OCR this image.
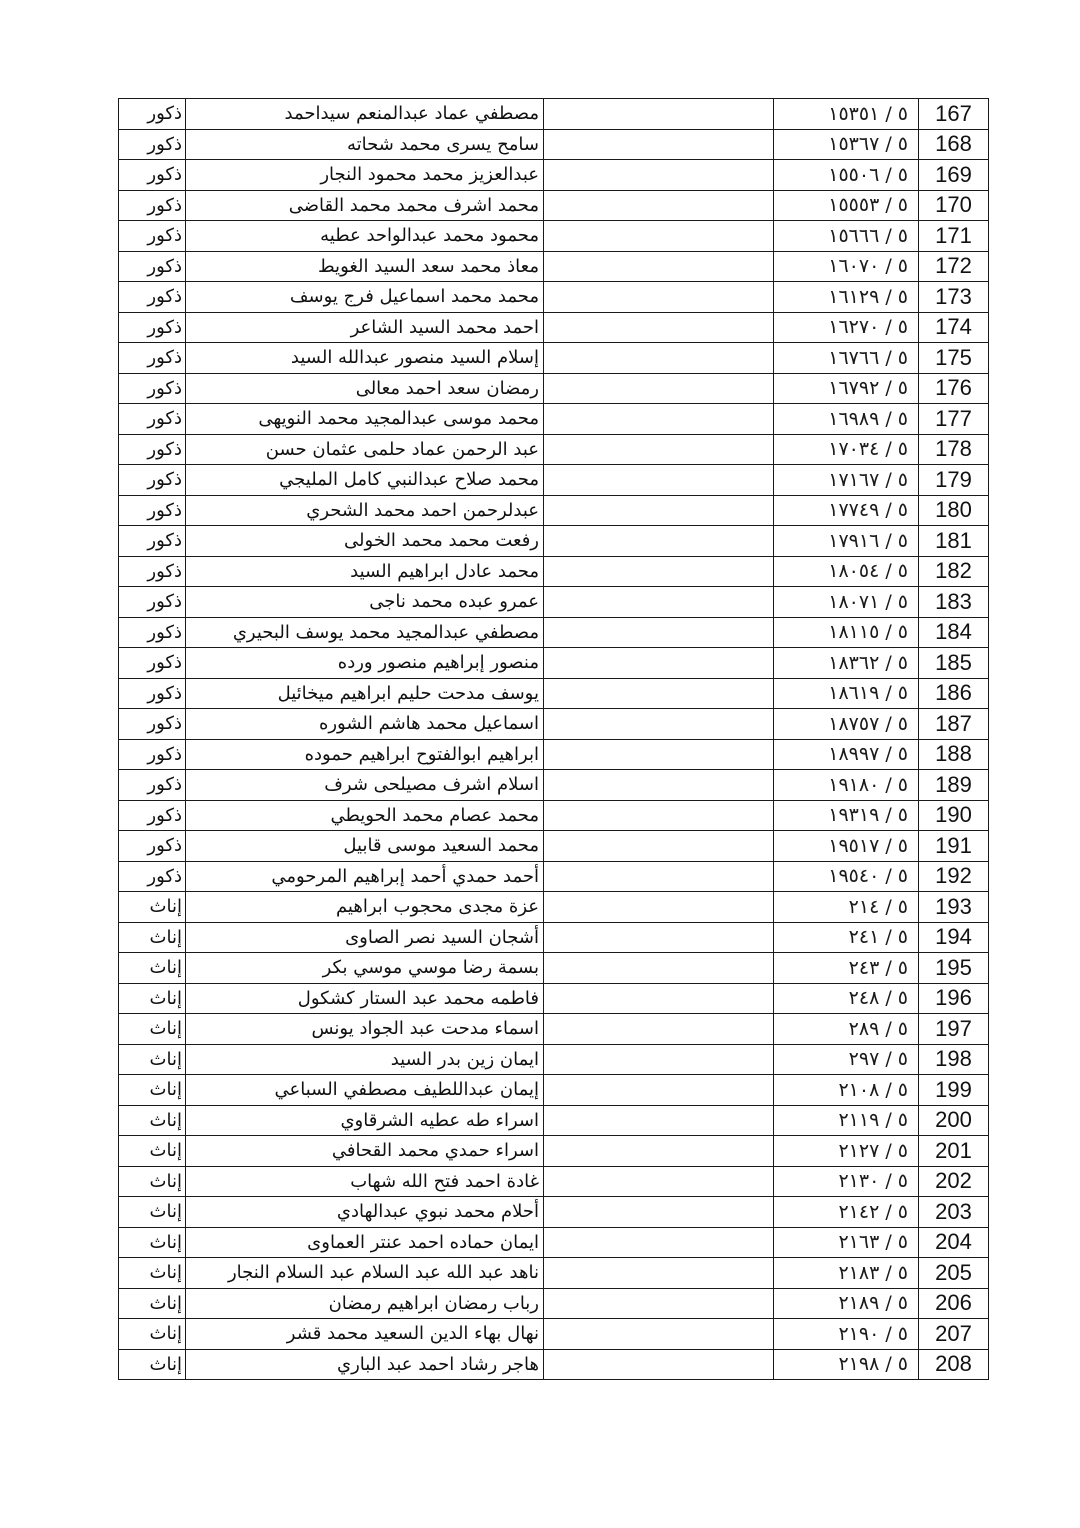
167	٥ / ١٥٣٥١		مصطفي عماد عبدالمنعم سيداحمد	ذكور
168	٥ / ١٥٣٦٧		سامح يسرى محمد شحاته	ذكور
169	٥ / ١٥٥٠٦		عبدالعزيز محمد محمود النجار	ذكور
170	٥ / ١٥٥٥٣		محمد اشرف محمد محمد القاضى	ذكور
171	٥ / ١٥٦٦٦		محمود محمد عبدالواحد عطيه	ذكور
172	٥ / ١٦٠٧٠		معاذ محمد سعد السيد الغويط	ذكور
173	٥ / ١٦١٢٩		محمد محمد اسماعيل فرج يوسف	ذكور
174	٥ / ١٦٢٧٠		احمد محمد السيد الشاعر	ذكور
175	٥ / ١٦٧٦٦		إسلام السيد منصور عبدالله السيد	ذكور
176	٥ / ١٦٧٩٢		رمضان سعد احمد معالى	ذكور
177	٥ / ١٦٩٨٩		محمد موسى عبدالمجيد محمد النويهى	ذكور
178	٥ / ١٧٠٣٤		عبد الرحمن عماد حلمى عثمان حسن	ذكور
179	٥ / ١٧١٦٧		محمد صلاح عبدالنبي كامل المليجي	ذكور
180	٥ / ١٧٧٤٩		عبدلرحمن احمد محمد الشحري	ذكور
181	٥ / ١٧٩١٦		رفعت محمد محمد الخولى	ذكور
182	٥ / ١٨٠٥٤		محمد عادل ابراهيم السيد	ذكور
183	٥ / ١٨٠٧١		عمرو عبده محمد ناجى	ذكور
184	٥ / ١٨١١٥		مصطفي عبدالمجيد محمد يوسف البحيري	ذكور
185	٥ / ١٨٣٦٢		منصور إبراهيم منصور ورده	ذكور
186	٥ / ١٨٦١٩		يوسف مدحت حليم ابراهيم ميخائيل	ذكور
187	٥ / ١٨٧٥٧		اسماعيل محمد هاشم الشوره	ذكور
188	٥ / ١٨٩٩٧		ابراهيم ابوالفتوح ابراهيم حموده	ذكور
189	٥ / ١٩١٨٠		اسلام اشرف مصيلحى شرف	ذكور
190	٥ / ١٩٣١٩		محمد عصام محمد الحويطي	ذكور
191	٥ / ١٩٥١٧		محمد السعيد موسى قابيل	ذكور
192	٥ / ١٩٥٤٠		أحمد حمدي أحمد إبراهيم المرحومي	ذكور
193	٥ / ٢١٤		عزة مجدى محجوب ابراهيم	إناث
194	٥ / ٢٤١		أشجان السيد نصر الصاوى	إناث
195	٥ / ٢٤٣		بسمة رضا موسي موسي بكر	إناث
196	٥ / ٢٤٨		فاطمه محمد عبد الستار كشكول	إناث
197	٥ / ٢٨٩		اسماء مدحت عبد الجواد يونس	إناث
198	٥ / ٢٩٧		ايمان زين بدر السيد	إناث
199	٥ / ٢١٠٨		إيمان عبداللطيف مصطفي السباعي	إناث
200	٥ / ٢١١٩		اسراء طه عطيه الشرقاوي	إناث
201	٥ / ٢١٢٧		اسراء حمدي محمد القحافي	إناث
202	٥ / ٢١٣٠		غادة احمد فتح الله شهاب	إناث
203	٥ / ٢١٤٢		أحلام محمد نبوي عبدالهادي	إناث
204	٥ / ٢١٦٣		ايمان حماده احمد عنتر العماوى	إناث
205	٥ / ٢١٨٣		ناهد عبد الله عبد السلام عبد السلام النجار	إناث
206	٥ / ٢١٨٩		رباب رمضان ابراهيم رمضان	إناث
207	٥ / ٢١٩٠		نهال بهاء الدين السعيد محمد قشر	إناث
208	٥ / ٢١٩٨		هاجر رشاد احمد عبد الباري	إناث
